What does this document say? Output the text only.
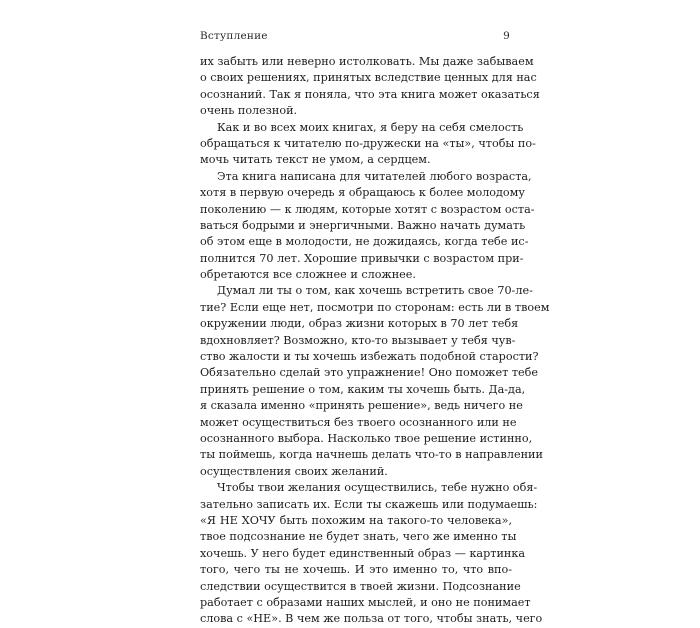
Вступление	9
их забыть или неверно истолковать. Мы даже забываем
о своих решениях, принятых вследствие ценных для нас
осознаний. Так я поняла, что эта книга может оказаться
очень полезной.
Как и во всех моих книгах, я беру на себя смелость
обращаться к читателю по-дружески на «ты», чтобы по-
мочь читать текст не умом, а сердцем.
Эта книга написана для читателей любого возраста,
хотя в первую очередь я обращаюсь к более молодому
поколению — к людям, которые хотят с возрастом оста-
ваться бодрыми и энергичными. Важно начать думать
об этом еще в молодости, не дожидаясь, когда тебе ис-
полнится 70 лет. Хорошие привычки с возрастом при-
обретаются все сложнее и сложнее.
Думал ли ты о том, как хочешь встретить свое 70-ле-
тие? Если еще нет, посмотри по сторонам: есть ли в твоем
окружении люди, образ жизни которых в 70 лет тебя
вдохновляет? Возможно, кто-то вызывает у тебя чув-
ство жалости и ты хочешь избежать подобной старости?
Обязательно сделай это упражнение! Оно поможет тебе
принять решение о том, каким ты хочешь быть. Да-да,
я сказала именно «принять решение», ведь ничего не
может осуществиться без твоего осознанного или не
осознанного выбора. Насколько твое решение истинно,
ты поймешь, когда начнешь делать что-то в направлении
осуществления своих желаний.
Чтобы твои желания осуществились, тебе нужно обя-
зательно записать их. Если ты скажешь или подумаешь:
«Я НЕ ХОЧУ быть похожим на такого-то человека»,
твое подсознание не будет знать, чего же именно ты
хочешь. У него будет единственный образ — картинка
того, чего ты не хочешь. И это именно то, что впо-
следствии осуществится в твоей жизни. Подсознание
работает с образами наших мыслей, и оно не понимает
слова с «НЕ». В чем же польза от того, чтобы знать, чего
